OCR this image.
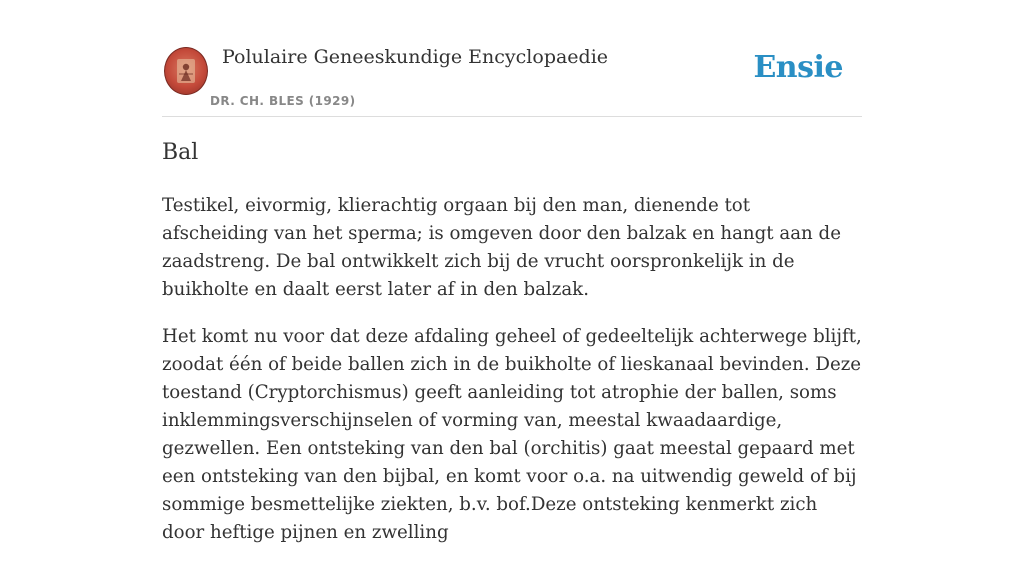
Polulaire Geneeskundige Encyclopaedie
DR. CH. BLES (1929)
Ensie
Bal

Testikel, eivormig, klierachtig orgaan bij den man, dienende tot afscheiding van het sperma; is omgeven door den balzak en hangt aan de zaadstreng. De bal ontwikkelt zich bij de vrucht oorspronkelijk in de buikholte en daalt eerst later af in den balzak.

Het komt nu voor dat deze afdaling geheel of gedeeltelijk achterwege blijft, zoodat één of beide ballen zich in de buikholte of lieskanaal bevinden. Deze toestand (Cryptorchismus) geeft aanleiding tot atrophie der ballen, soms inklemmingsverschijnselen of vorming van, meestal kwaadaardige, gezwellen. Een ontsteking van den bal (orchitis) gaat meestal gepaard met een ontsteking van den bijbal, en komt voor o.a. na uitwendig geweld of bij sommige besmettelijke ziekten, b.v. bof.Deze ontsteking kenmerkt zich door heftige pijnen en zwelling
